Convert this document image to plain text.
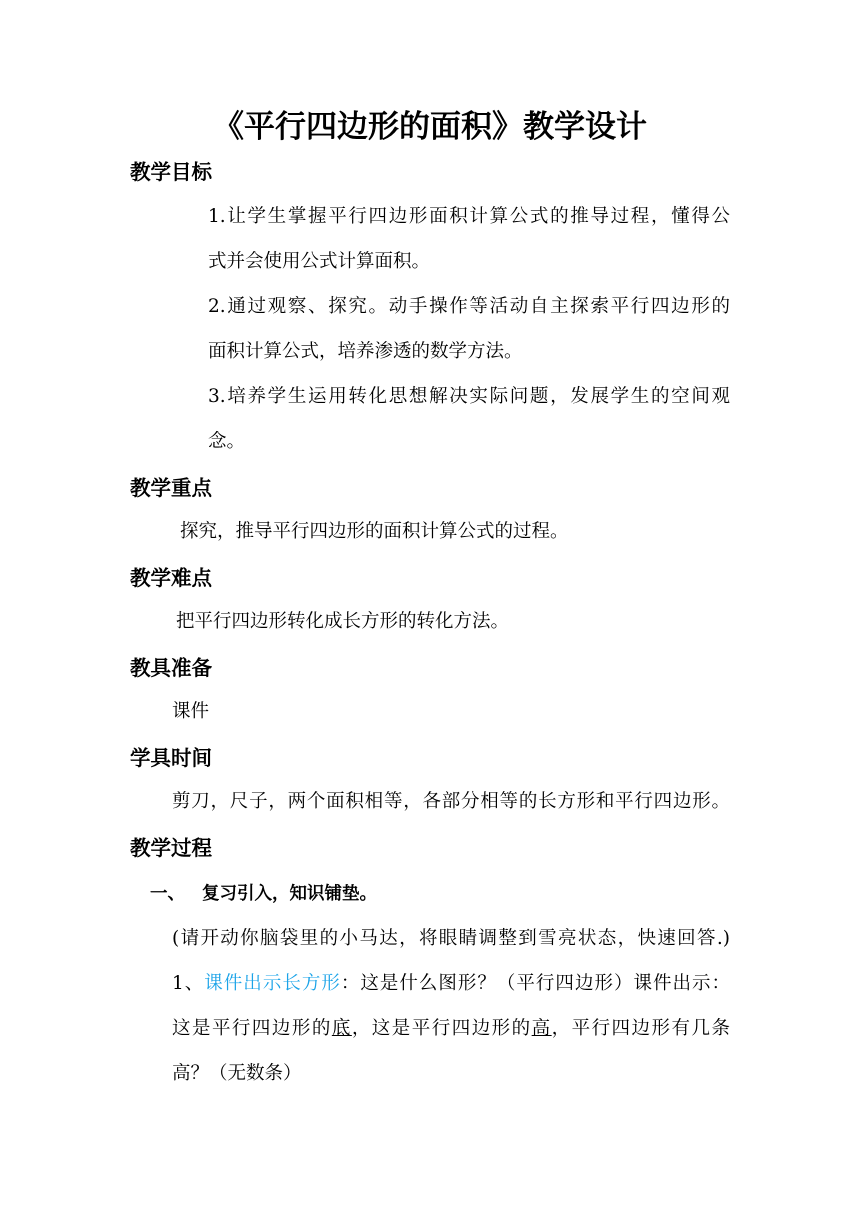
《平行四边形的面积》教学设计
教学目标
1.让学生掌握平行四边形面积计算公式的推导过程，懂得公
式并会使用公式计算面积。
2.通过观察、探究。动手操作等活动自主探索平行四边形的
面积计算公式，培养渗透的数学方法。
3.培养学生运用转化思想解决实际问题，发展学生的空间观
念。
教学重点
探究，推导平行四边形的面积计算公式的过程。
教学难点
把平行四边形转化成长方形的转化方法。
教具准备
课件
学具时间
剪刀，尺子，两个面积相等，各部分相等的长方形和平行四边形。
教学过程
一、 复习引入，知识铺垫。
(请开动你脑袋里的小马达，将眼睛调整到雪亮状态，快速回答.)
1、课件出示长方形：这是什么图形？（平行四边形）课件出示：
这是平行四边形的底，这是平行四边形的高，平行四边形有几条
高？（无数条）
